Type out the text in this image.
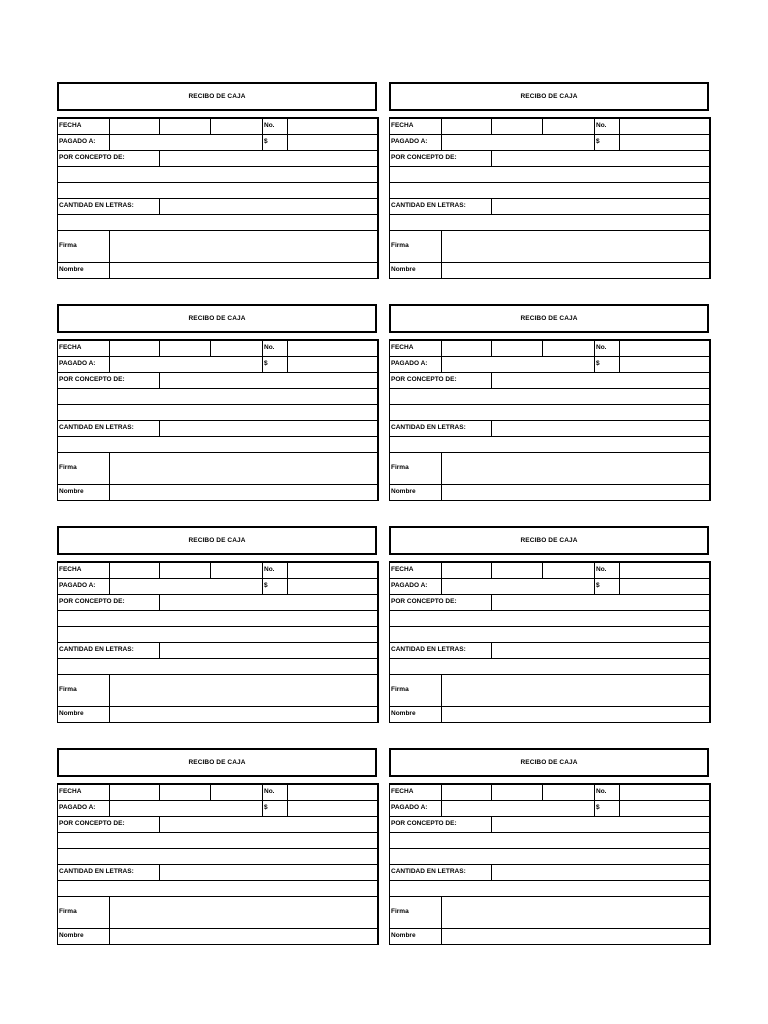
RECIBO DE CAJA
FECHA				No.	
PAGADO A:				$	
POR CONCEPTO DE:					

CANTIDAD EN LETRAS:					

Firma					
Nombre					
RECIBO DE CAJA
FECHA				No.	
PAGADO A:				$	
POR CONCEPTO DE:					

CANTIDAD EN LETRAS:					

Firma					
Nombre					
RECIBO DE CAJA
FECHA				No.	
PAGADO A:				$	
POR CONCEPTO DE:					

CANTIDAD EN LETRAS:					

Firma					
Nombre					
RECIBO DE CAJA
FECHA				No.	
PAGADO A:				$	
POR CONCEPTO DE:					

CANTIDAD EN LETRAS:					

Firma					
Nombre					
RECIBO DE CAJA
FECHA				No.	
PAGADO A:				$	
POR CONCEPTO DE:					

CANTIDAD EN LETRAS:					

Firma					
Nombre					
RECIBO DE CAJA
FECHA				No.	
PAGADO A:				$	
POR CONCEPTO DE:					

CANTIDAD EN LETRAS:					

Firma					
Nombre					
RECIBO DE CAJA
FECHA				No.	
PAGADO A:				$	
POR CONCEPTO DE:					

CANTIDAD EN LETRAS:					

Firma					
Nombre					
RECIBO DE CAJA
FECHA				No.	
PAGADO A:				$	
POR CONCEPTO DE:					

CANTIDAD EN LETRAS:					

Firma					
Nombre					
